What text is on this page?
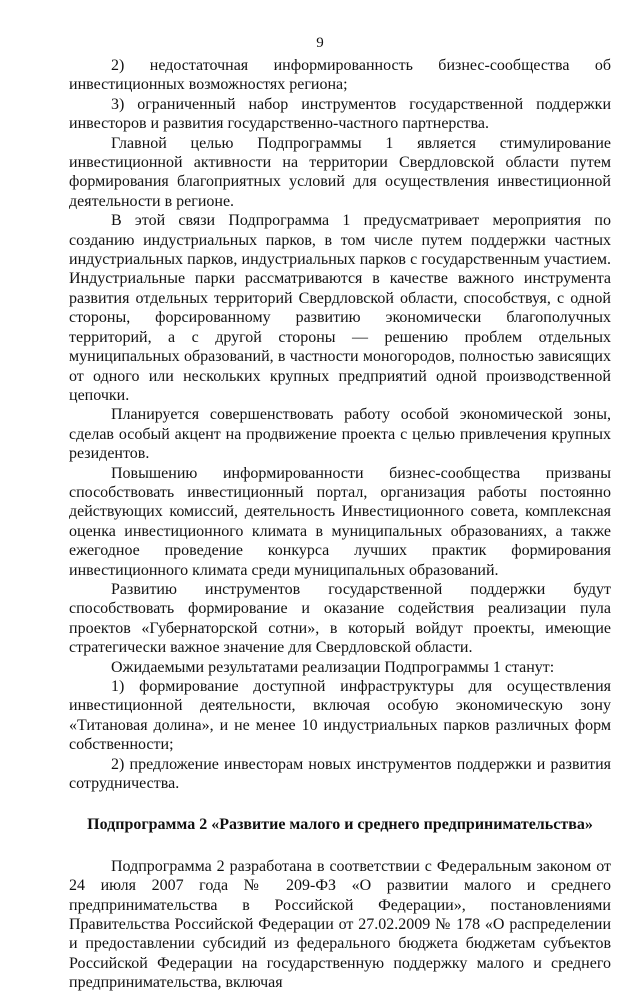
9

2) недостаточная информированность бизнес-сообщества об инвестиционных возможностях региона;

3) ограниченный набор инструментов государственной поддержки инвесторов и развития государственно-частного партнерства.

Главной целью Подпрограммы 1 является стимулирование инвестиционной активности на территории Свердловской области путем формирования благоприятных условий для осуществления инвестиционной деятельности в регионе.

В этой связи Подпрограмма 1 предусматривает мероприятия по созданию индустриальных парков, в том числе путем поддержки частных индустриальных парков, индустриальных парков с государственным участием. Индустриальные парки рассматриваются в качестве важного инструмента развития отдельных территорий Свердловской области, способствуя, с одной стороны, форсированному развитию экономически благополучных территорий, а с другой стороны — решению проблем отдельных муниципальных образований, в частности моногородов, полностью зависящих от одного или нескольких крупных предприятий одной производственной цепочки.

Планируется совершенствовать работу особой экономической зоны, сделав особый акцент на продвижение проекта с целью привлечения крупных резидентов.

Повышению информированности бизнес-сообщества призваны способствовать инвестиционный портал, организация работы постоянно действующих комиссий, деятельность Инвестиционного совета, комплексная оценка инвестиционного климата в муниципальных образованиях, а также ежегодное проведение конкурса лучших практик формирования инвестиционного климата среди муниципальных образований.

Развитию инструментов государственной поддержки будут способствовать формирование и оказание содействия реализации пула проектов «Губернаторской сотни», в который войдут проекты, имеющие стратегически важное значение для Свердловской области.

Ожидаемыми результатами реализации Подпрограммы 1 станут:

1) формирование доступной инфраструктуры для осуществления инвестиционной деятельности, включая особую экономическую зону «Титановая долина», и не менее 10 индустриальных парков различных форм собственности;

2) предложение инвесторам новых инструментов поддержки и развития сотрудничества.

Подпрограмма 2 «Развитие малого и среднего предпринимательства»

Подпрограмма 2 разработана в соответствии с Федеральным законом от 24 июля 2007 года № 209-ФЗ «О развитии малого и среднего предпринимательства в Российской Федерации», постановлениями Правительства Российской Федерации от 27.02.2009 № 178 «О распределении и предоставлении субсидий из федерального бюджета бюджетам субъектов Российской Федерации на государственную поддержку малого и среднего предпринимательства, включая
